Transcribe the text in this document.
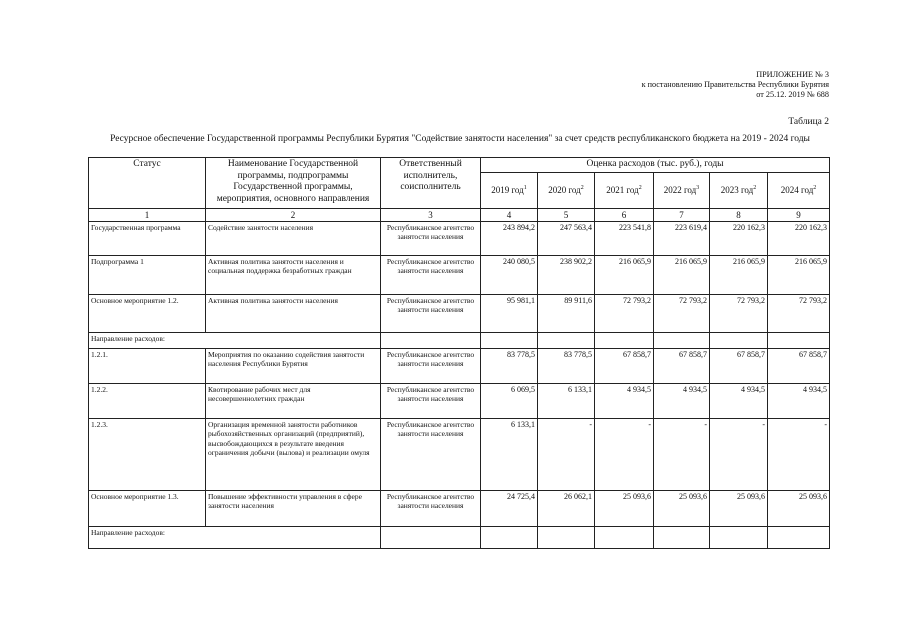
ПРИЛОЖЕНИЕ № 3
к постановлению Правительства Республики Бурятия
от 25.12. 2019 № 688
Таблица 2
Ресурсное обеспечение Государственной программы Республики Бурятия "Содействие занятости населения" за счет средств республиканского бюджета на 2019 - 2024 годы
Статус	Наименование Государственной программы, подпрограммы Государственной программы, мероприятия, основного направления	Ответственный исполнитель, соисполнитель	Оценка расходов (тыс. руб.), годы					
			2019 год$^1$	2020 год$^2$	2021 год$^2$	2022 год$^3$	2023 год$^2$	2024 год$^2$
1	2	3	4	5	6	7	8	9
Государственная программа	Содействие занятости населения	Республиканское агентство занятости населения	243 894,2	247 563,4	223 541,8	223 619,4	220 162,3	220 162,3
Подпрограмма 1	Активная политика занятости населения и социальная поддержка безработных граждан	Республиканское агентство занятости населения	240 080,5	238 902,2	216 065,9	216 065,9	216 065,9	216 065,9
Основное мероприятие 1.2.	Активная политика занятости населения	Республиканское агентство занятости населения	95 981,1	89 911,6	72 793,2	72 793,2	72 793,2	72 793,2
Направление расходов:								
1.2.1.	Мероприятия по оказанию содействия занятости населения Республики Бурятия	Республиканское агентство занятости населения	83 778,5	83 778,5	67 858,7	67 858,7	67 858,7	67 858,7
1.2.2.	Квотирование рабочих мест для несовершеннолетних граждан	Республиканское агентство занятости населения	6 069,5	6 133,1	4 934,5	4 934,5	4 934,5	4 934,5
1.2.3.	Организация временной занятости работников рыбохозяйственных организаций (предприятий), высвобождающихся в результате введения ограничения добычи (вылова) и реализации омуля	Республиканское агентство занятости населения	6 133,1	-	-	-	-	-
Основное мероприятие 1.3.	Повышение эффективности управления в сфере занятости населения	Республиканское агентство занятости населения	24 725,4	26 062,1	25 093,6	25 093,6	25 093,6	25 093,6
Направление расходов:								
